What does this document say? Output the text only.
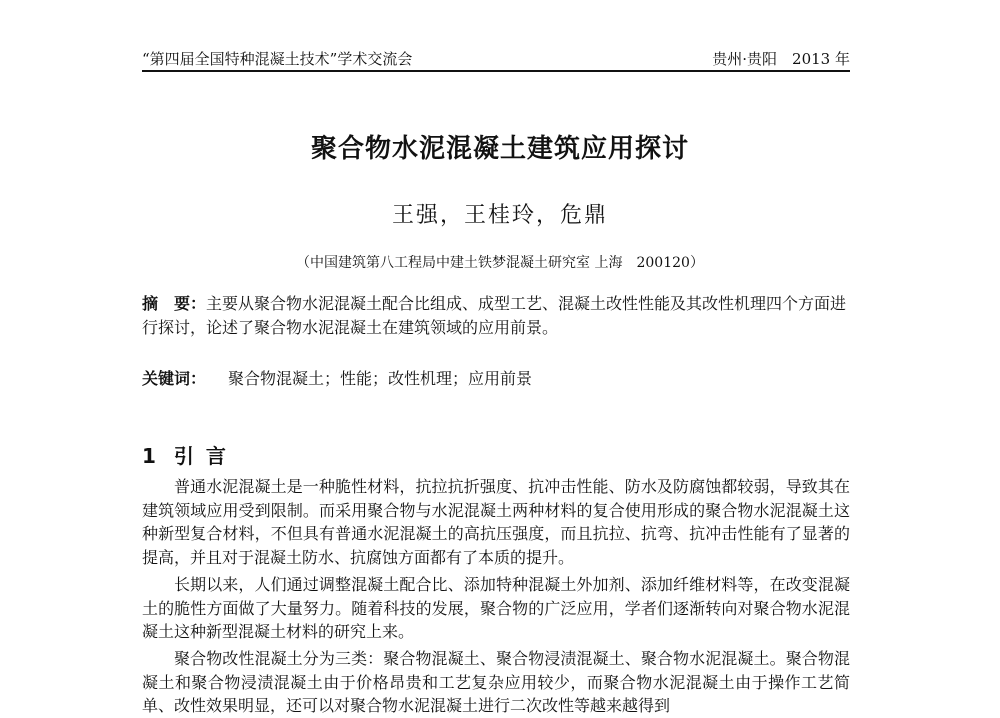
“第四届全国特种混凝土技术”学术交流会	贵州·贵阳　2013 年
聚合物水泥混凝土建筑应用探讨
王强，王桂玲，危鼎
（中国建筑第八工程局中建土铁梦混凝土研究室 上海　200120）
摘　要：主要从聚合物水泥混凝土配合比组成、成型工艺、混凝土改性性能及其改性机理四个方面进行探讨，论述了聚合物水泥混凝土在建筑领域的应用前景。
关键词： 聚合物混凝土；性能；改性机理；应用前景
1 引言

普通水泥混凝土是一种脆性材料，抗拉抗折强度、抗冲击性能、防水及防腐蚀都较弱，导致其在建筑领域应用受到限制。而采用聚合物与水泥混凝土两种材料的复合使用形成的聚合物水泥混凝土这种新型复合材料，不但具有普通水泥混凝土的高抗压强度，而且抗拉、抗弯、抗冲击性能有了显著的提高，并且对于混凝土防水、抗腐蚀方面都有了本质的提升。

长期以来，人们通过调整混凝土配合比、添加特种混凝土外加剂、添加纤维材料等，在改变混凝土的脆性方面做了大量努力。随着科技的发展，聚合物的广泛应用，学者们逐渐转向对聚合物水泥混凝土这种新型混凝土材料的研究上来。

聚合物改性混凝土分为三类：聚合物混凝土、聚合物浸渍混凝土、聚合物水泥混凝土。聚合物混凝土和聚合物浸渍混凝土由于价格昂贵和工艺复杂应用较少，而聚合物水泥混凝土由于操作工艺简单、改性效果明显，还可以对聚合物水泥混凝土进行二次改性等越来越得到
